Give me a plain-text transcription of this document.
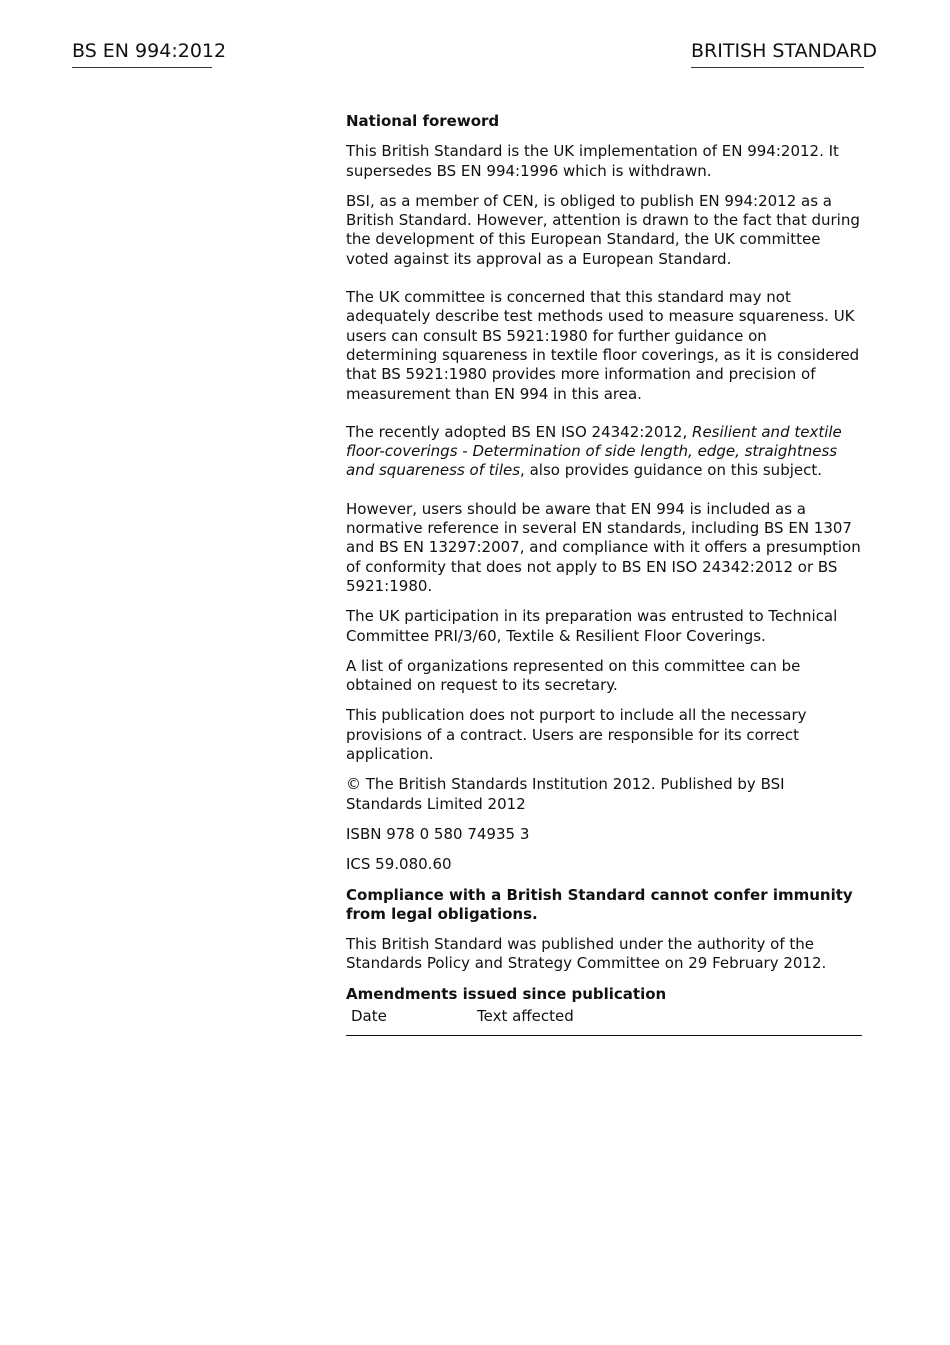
BS EN 994:2012	BRITISH STANDARD

National foreword

This British Standard is the UK implementation of EN 994:2012. It supersedes BS EN 994:1996 which is withdrawn.

BSI, as a member of CEN, is obliged to publish EN 994:2012 as a British Standard. However, attention is drawn to the fact that during the development of this European Standard, the UK committee voted against its approval as a European Standard.

The UK committee is concerned that this standard may not adequately describe test methods used to measure squareness. UK users can consult BS 5921:1980 for further guidance on determining squareness in textile floor coverings, as it is considered that BS 5921:1980 provides more information and precision of measurement than EN 994 in this area.

The recently adopted BS EN ISO 24342:2012, Resilient and textile floor-coverings - Determination of side length, edge, straightness and squareness of tiles, also provides guidance on this subject.

However, users should be aware that EN 994 is included as a normative reference in several EN standards, including BS EN 1307 and BS EN 13297:2007, and compliance with it offers a presumption of conformity that does not apply to BS EN ISO 24342:2012 or BS 5921:1980.

The UK participation in its preparation was entrusted to Technical Committee PRI/3/60, Textile & Resilient Floor Coverings.

A list of organizations represented on this committee can be obtained on request to its secretary.

This publication does not purport to include all the necessary provisions of a contract. Users are responsible for its correct application.

© The British Standards Institution 2012. Published by BSI Standards Limited 2012

ISBN 978 0 580 74935 3

ICS 59.080.60

Compliance with a British Standard cannot confer immunity from legal obligations.

This British Standard was published under the authority of the Standards Policy and Strategy Committee on 29 February 2012.

Amendments issued since publication

Date	Text affected
